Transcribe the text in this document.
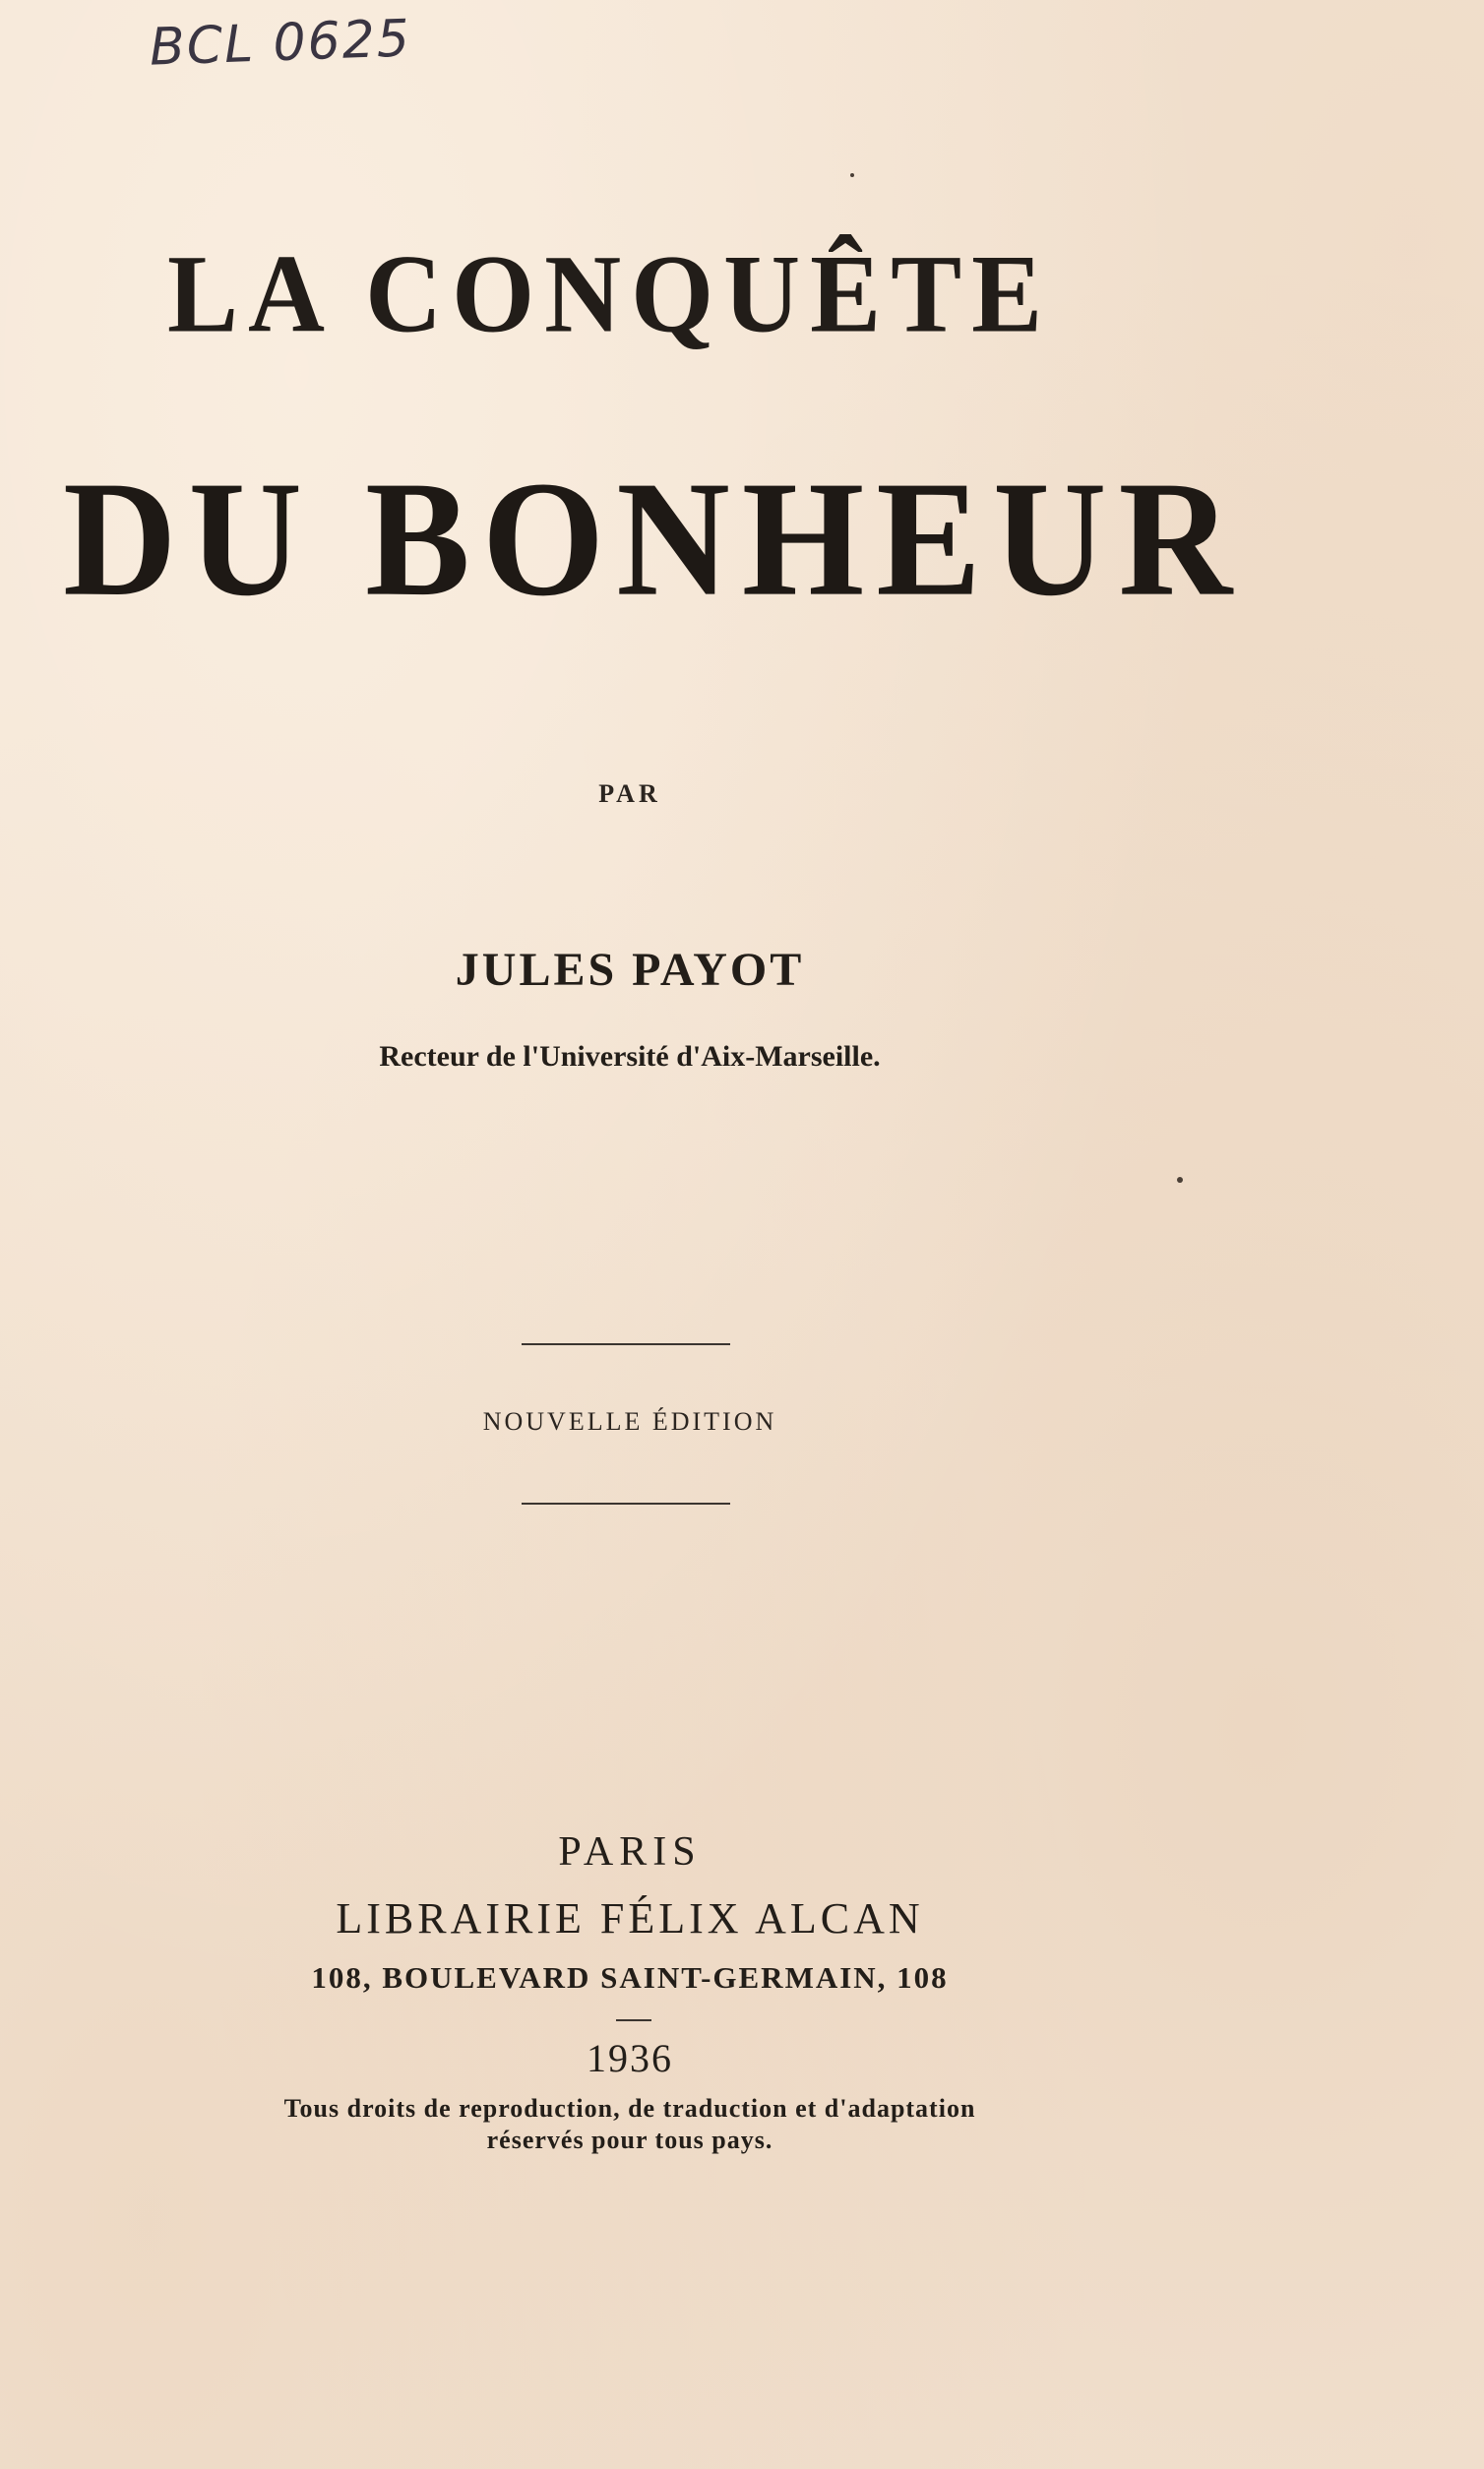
BCL 0625

LA CONQUÊTE
DU BONHEUR

PAR

JULES PAYOT

Recteur de l'Université d'Aix-Marseille.

NOUVELLE ÉDITION

PARIS

LIBRAIRIE FÉLIX ALCAN

108, BOULEVARD SAINT-GERMAIN, 108

1936

Tous droits de reproduction, de traduction et d'adaptation

réservés pour tous pays.
